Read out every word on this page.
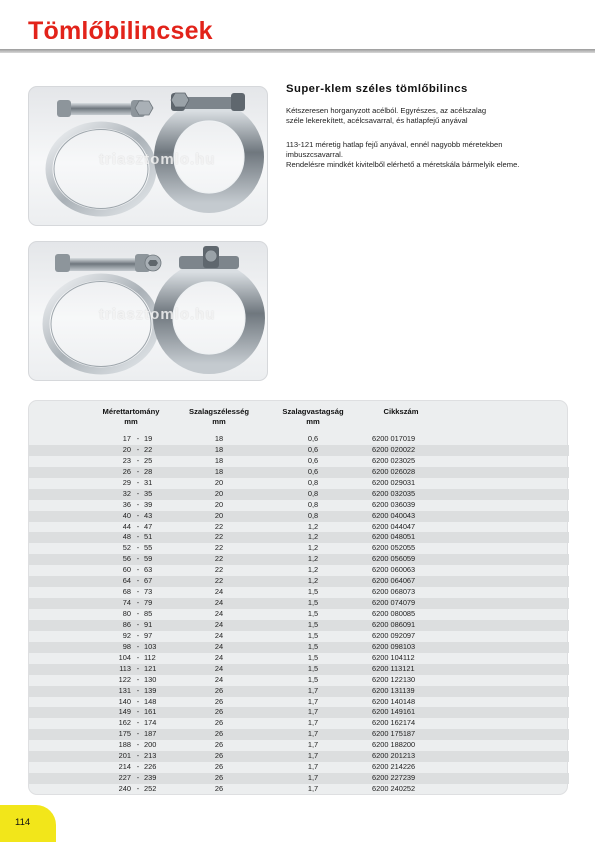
Tömlőbilincsek
triasztomlo.hu
triasztomlo.hu
Super-klem széles tömlőbilincs

Kétszeresen horganyzott acélból. Egyrészes, az acélszalag

széle lekerekített, acélcsavarral, és hatlapfejű anyával

113-121 méretig hatlap fejű anyával, ennél nagyobb méretekben

imbuszcsavarral.

Rendelésre mindkét kivitelből elérhető a méretskála bármelyik eleme.

Mérettartomány
mm
Szalagszélesség
mm
Szalagvastagság
mm
Cikkszám
17 - 19	18	0,6	6200 017019
20 - 22	18	0,6	6200 020022
23 - 25	18	0,6	6200 023025
26 - 28	18	0,6	6200 026028
29 - 31	20	0,8	6200 029031
32 - 35	20	0,8	6200 032035
36 - 39	20	0,8	6200 036039
40 - 43	20	0,8	6200 040043
44 - 47	22	1,2	6200 044047
48 - 51	22	1,2	6200 048051
52 - 55	22	1,2	6200 052055
56 - 59	22	1,2	6200 056059
60 - 63	22	1,2	6200 060063
64 - 67	22	1,2	6200 064067
68 - 73	24	1,5	6200 068073
74 - 79	24	1,5	6200 074079
80 - 85	24	1,5	6200 080085
86 - 91	24	1,5	6200 086091
92 - 97	24	1,5	6200 092097
98 - 103	24	1,5	6200 098103
104 - 112	24	1,5	6200 104112
113 - 121	24	1,5	6200 113121
122 - 130	24	1,5	6200 122130
131 - 139	26	1,7	6200 131139
140 - 148	26	1,7	6200 140148
149 - 161	26	1,7	6200 149161
162 - 174	26	1,7	6200 162174
175 - 187	26	1,7	6200 175187
188 - 200	26	1,7	6200 188200
201 - 213	26	1,7	6200 201213
214 - 226	26	1,7	6200 214226
227 - 239	26	1,7	6200 227239
240 - 252	26	1,7	6200 240252
114
